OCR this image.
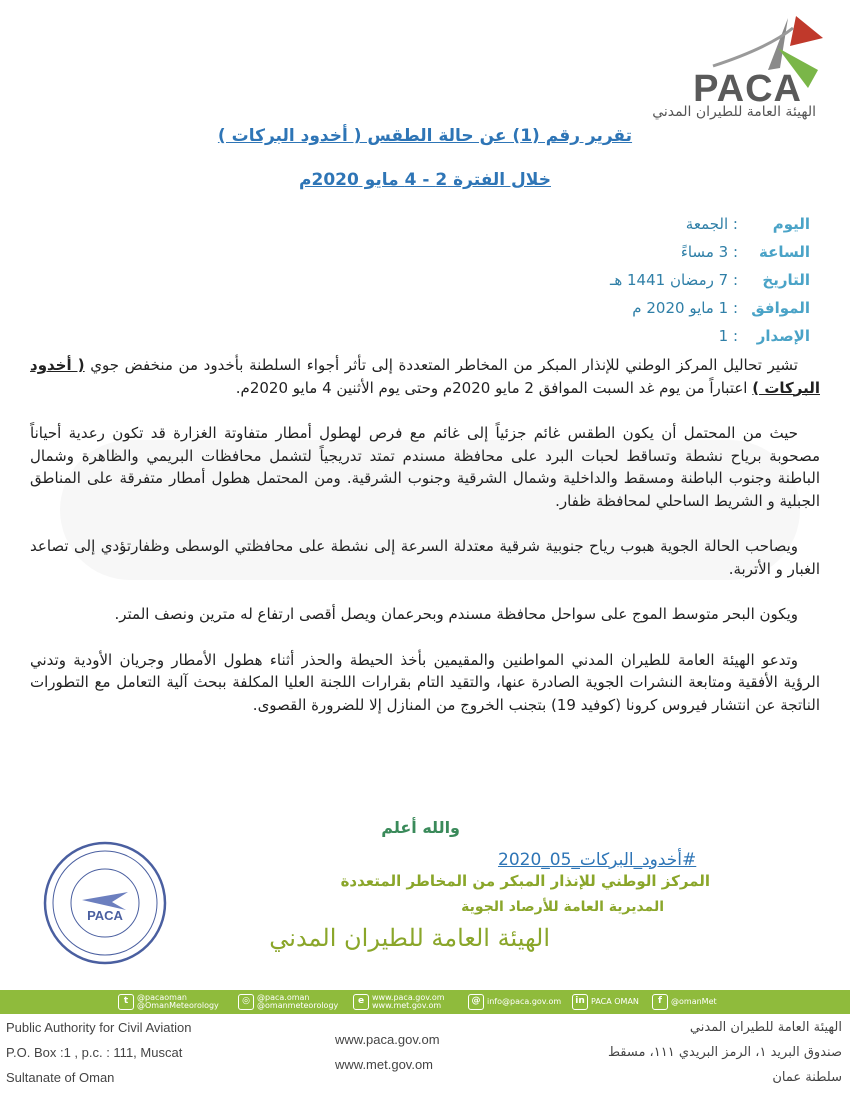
PACA
الهيئة العامة للطيران المدني
تقرير رقم (1) عن حالة الطقس ( أخدود البركات )
خلال الفترة 2 - 4 مايو 2020م
اليوم: الجمعة
الساعة: 3 مساءً
التاريخ: 7 رمضان 1441 هـ
الموافق: 1 مايو 2020 م
الإصدار: 1

تشير تحاليل المركز الوطني للإنذار المبكر من المخاطر المتعددة إلى تأثر أجواء السلطنة بأخدود من منخفض جوي ( أخدود البركات ) اعتباراً من يوم غد السبت الموافق 2 مايو 2020م وحتى يوم الأثنين 4 مايو 2020م.

حيث من المحتمل أن يكون الطقس غائم جزئياً إلى غائم مع فرص لهطول أمطار متفاوتة الغزارة قد تكون رعدية أحياناً مصحوبة برياح نشطة وتساقط لحبات البرد على محافظة مسندم تمتد تدريجياً لتشمل محافظات البريمي والظاهرة وشمال الباطنة وجنوب الباطنة ومسقط والداخلية وشمال الشرقية وجنوب الشرقية. ومن المحتمل هطول أمطار متفرقة على المناطق الجبلية و الشريط الساحلي لمحافظة ظفار.

ويصاحب الحالة الجوية هبوب رياح جنوبية شرقية معتدلة السرعة إلى نشطة على محافظتي الوسطى وظفارتؤدي إلى تصاعد الغبار و الأتربة.

ويكون البحر متوسط الموج على سواحل محافظة مسندم وبحرعمان ويصل أقصى ارتفاع له مترين ونصف المتر.

وتدعو الهيئة العامة للطيران المدني المواطنين والمقيمين بأخذ الحيطة والحذر أثناء هطول الأمطار وجريان الأودية وتدني الرؤية الأفقية ومتابعة النشرات الجوية الصادرة عنها، والتقيد التام بقرارات اللجنة العليا المكلفة ببحث آلية التعامل مع التطورات الناتجة عن انتشار فيروس كرونا (كوفيد 19) بتجنب الخروج من المنازل إلا للضرورة القصوى.

والله أعلم
#أخدود_البركات_05_2020
المركز الوطني للإنذار المبكر من المخاطر المتعددة
المديرية العامة للأرصاد الجوية
الهيئة العامة للطيران المدني
PACA
t @pacaoman
@OmanMeteorology	◎ @paca.oman
@omanmeteorology	e www.paca.gov.om
www.met.gov.om	@ info@paca.gov.om	in PACA OMAN	f @omanMet
Public Authority for Civil Aviation
P.O. Box :1 , p.c. : 111, Muscat
Sultanate of Oman
www.paca.gov.om
www.met.gov.om
الهيئة العامة للطيران المدني
صندوق البريد ١، الرمز البريدي ١١١، مسقط
سلطنة عمان
